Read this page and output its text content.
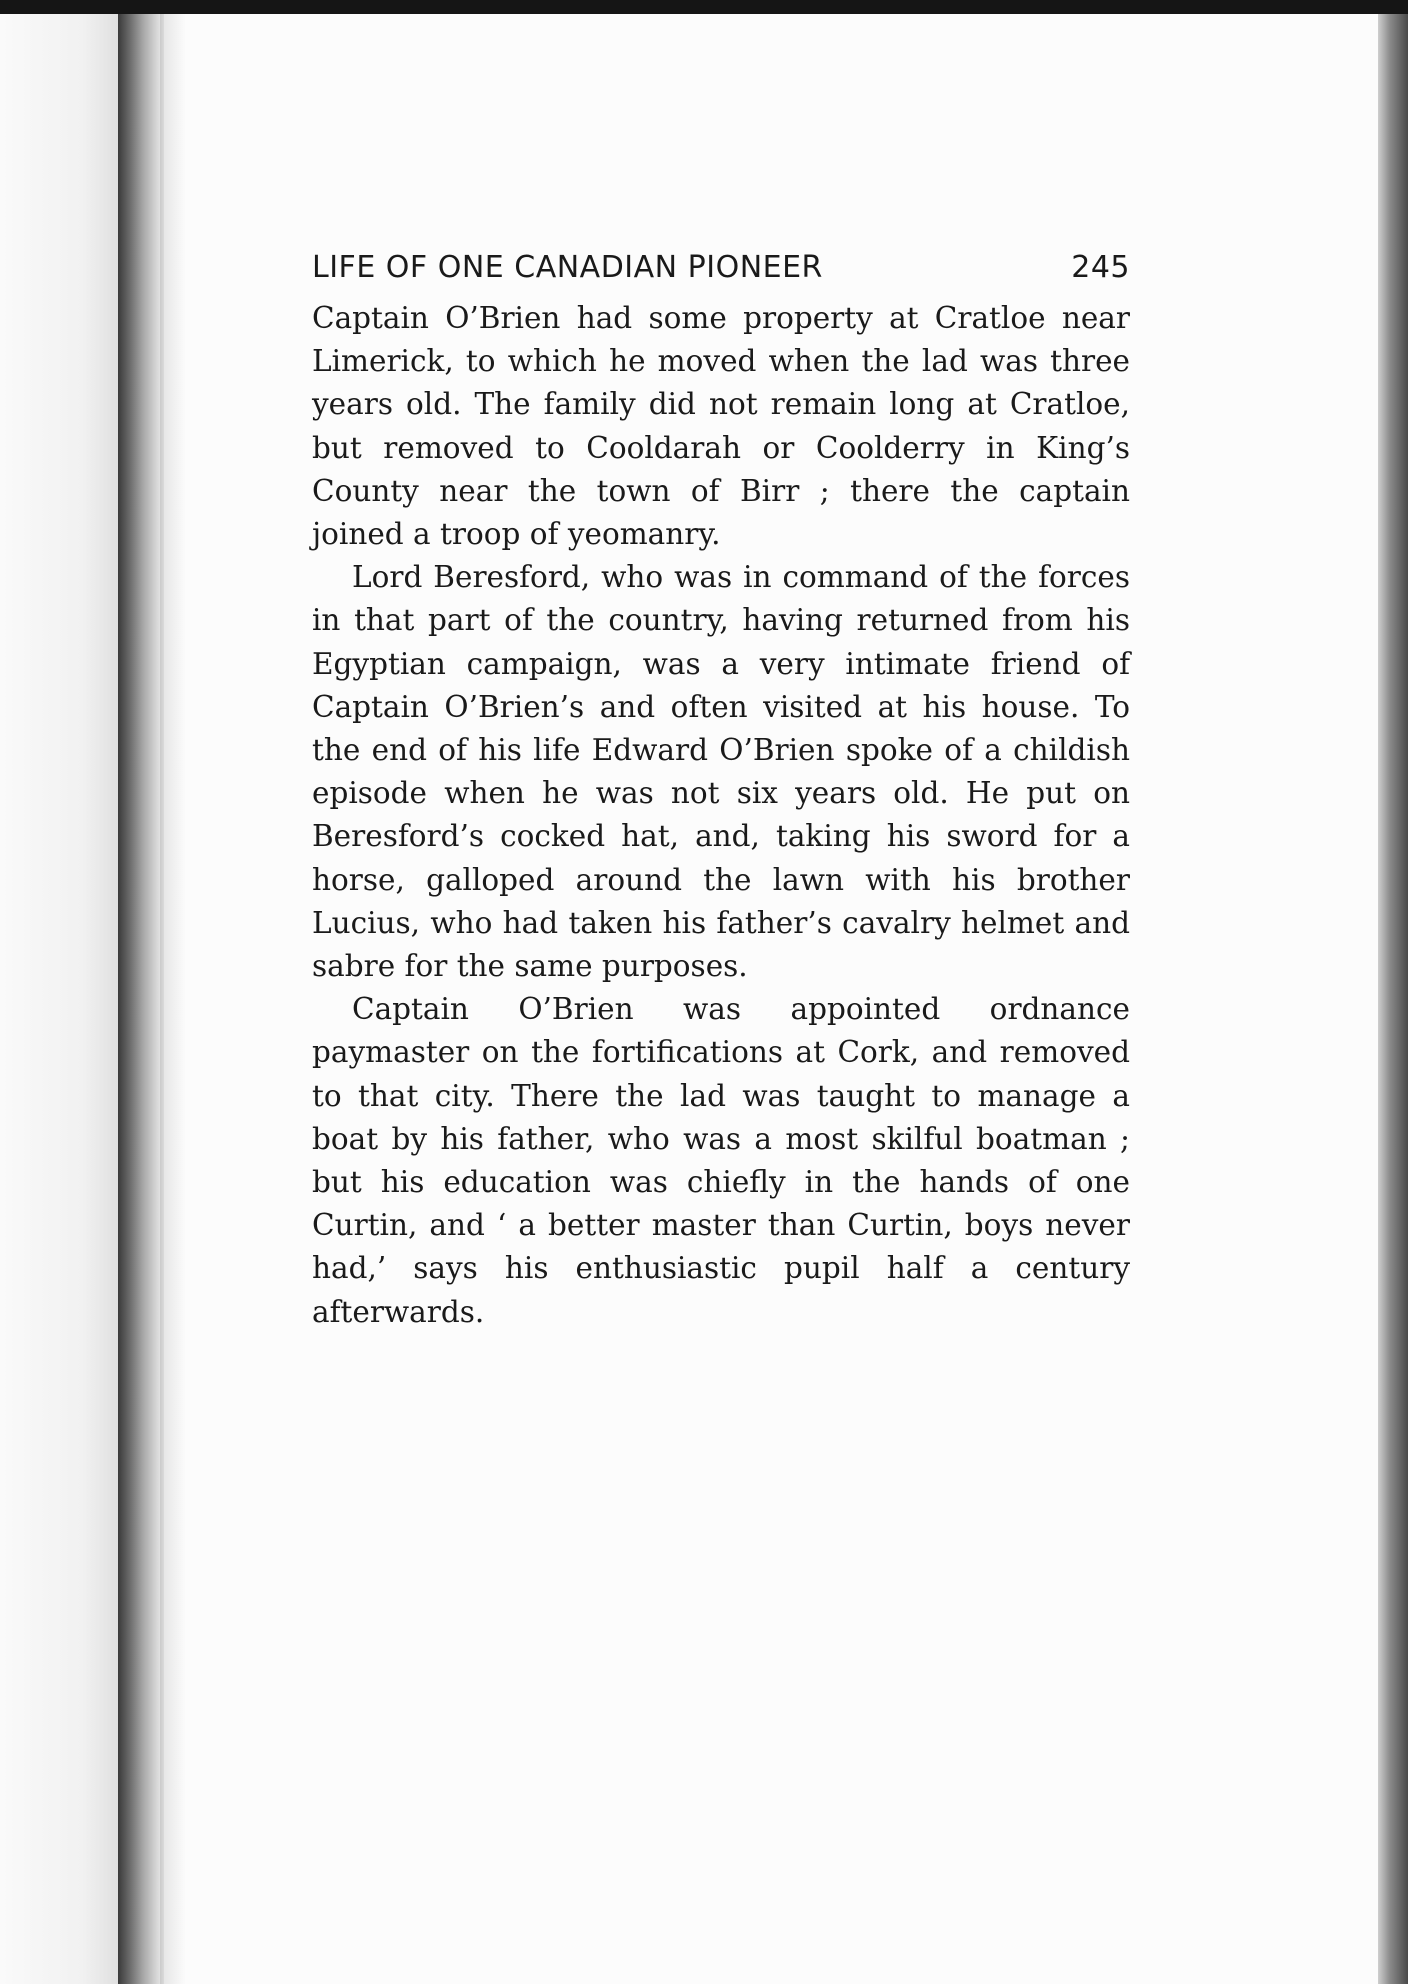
LIFE OF ONE CANADIAN PIONEER	245

Captain O’Brien had some property at Cratloe near Limerick, to which he moved when the lad was three years old. The family did not remain long at Cratloe, but removed to Cooldarah or Coolderry in King’s County near the town of Birr ; there the captain joined a troop of yeomanry.

Lord Beresford, who was in command of the forces in that part of the country, having returned from his Egyptian campaign, was a very intimate friend of Captain O’Brien’s and often visited at his house. To the end of his life Edward O’Brien spoke of a childish episode when he was not six years old. He put on Beresford’s cocked hat, and, taking his sword for a horse, galloped around the lawn with his brother Lucius, who had taken his father’s cavalry helmet and sabre for the same purposes.

Captain O’Brien was appointed ordnance paymaster on the fortifications at Cork, and removed to that city. There the lad was taught to manage a boat by his father, who was a most skilful boatman ; but his education was chiefly in the hands of one Curtin, and ‘ a better master than Curtin, boys never had,’ says his enthusiastic pupil half a century afterwards.
